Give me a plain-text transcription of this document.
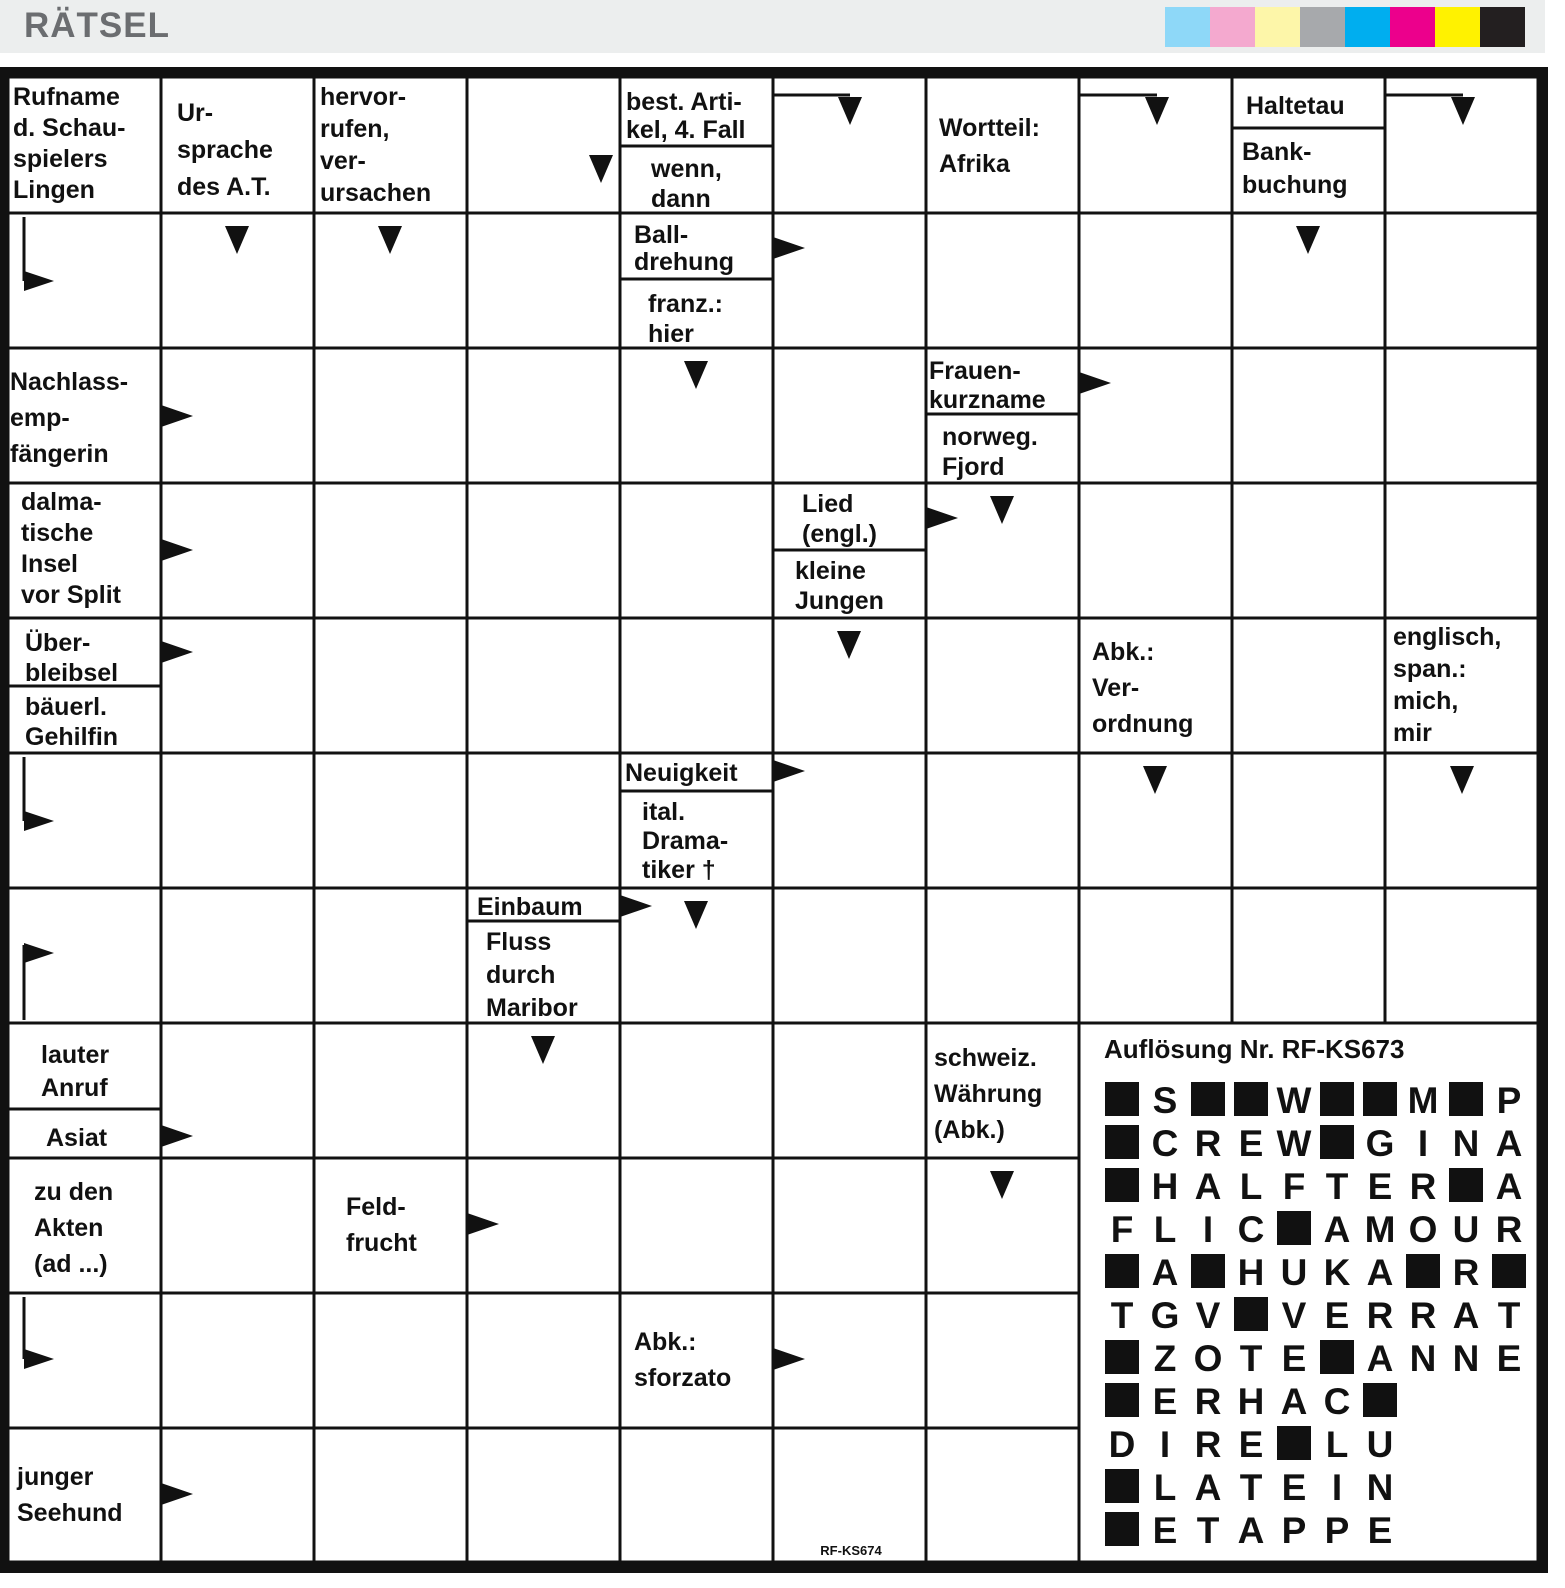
RÄTSEL
Rufname d. Schau-spielers Lingen
Ur-sprache des A.T.
hervor-rufen, ver-ursachen
best. Arti-kel, 4. Fall
wenn, dann
Wortteil: Afrika
Haltetau
Bank-buchung
Ball-drehung
franz.: hier
Nachlass-emp-fängerin
Frauen-kurzname
norweg. Fjord
dalma-tische Insel vor Split
Lied (engl.)
kleine Jungen
Über-bleibsel
bäuerl. Gehilfin
Abk.: Ver-ordnung
englisch, span.: mich, mir
Neuigkeit
ital. Drama-tiker †
Einbaum
Fluss durch Maribor
lauter Anruf
Asiat
schweiz. Währung (Abk.)
zu den Akten (ad ...)
Feld-frucht
Abk.: sforzato
junger Seehund
RF-KS674
Auflösung Nr. RF-KS673
S	W	M P
C R E W G I N A
H A L F T E R A
F L I C A M O U R
A H U K A R
T G V V E R R A T
Z O T E A N N E
E R H A C
D I R E L U
L A T E I N
E T A P P E
